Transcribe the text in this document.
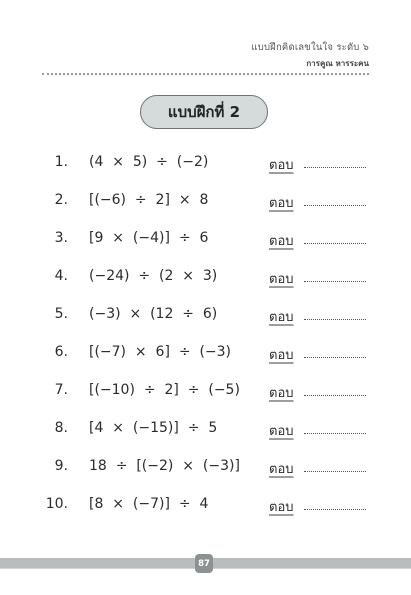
แบบฝึกคิดเลขในใจ ระดับ ๖
การคูณ หารระคน
แบบฝึกที่ 2
1. (4  ×  5)  ÷  (−2)	ตอบ
2. [(−6)  ÷  2]  ×  8	ตอบ
3. [9  ×  (−4)]  ÷  6	ตอบ
4. (−24)  ÷  (2  ×  3)	ตอบ
5. (−3)  ×  (12  ÷  6)	ตอบ
6. [(−7)  ×  6]  ÷  (−3)	ตอบ
7. [(−10)  ÷  2]  ÷  (−5) ตอบ
8. [4  ×  (−15)]  ÷  5	ตอบ
9. 18  ÷  [(−2)  ×  (−3)] ตอบ
10. [8  ×  (−7)]  ÷  4	ตอบ
87
